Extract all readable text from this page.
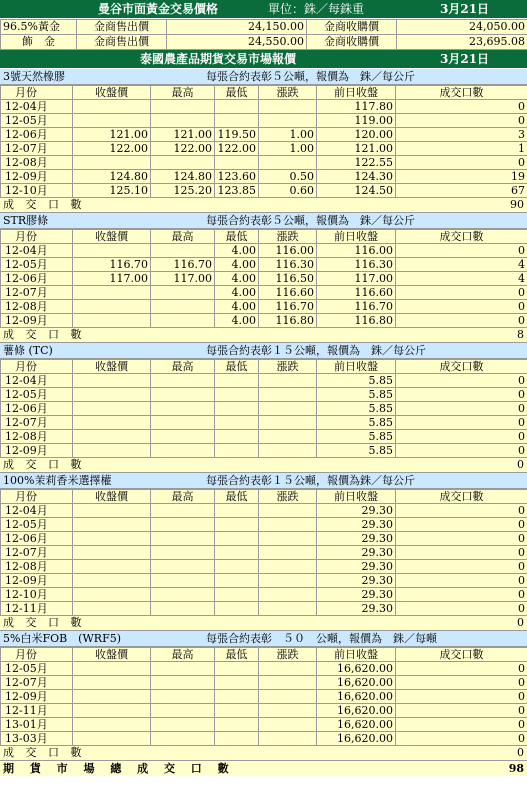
曼谷市面黃金交易價格	單位：銖／每銖重	3月21日
96.5%黃金	金商售出價	24,150.00	金商收購價	24,050.00
飾　金	金商售出價	24,550.00	金商收購價	23,695.08
泰國農產品期貨交易市場報價	3月21日
3號天然橡膠	每張合約表彰５公噸，報價為　銖／每公斤
月份	收盤價	最高	最低	漲跌	前日收盤	成交口數
12-04月					117.80	0
12-05月					119.00	0
12-06月	121.00	121.00	119.50	1.00	120.00	3
12-07月	122.00	122.00	122.00	1.00	121.00	1
12-08月					122.55	0
12-09月	124.80	124.80	123.60	0.50	124.30	19
12-10月	125.10	125.20	123.85	0.60	124.50	67
成 交 口 數	90
STR膠條	每張合約表彰５公噸，報價為　銖／每公斤
月份	收盤價	最高	最低	漲跌	前日收盤	成交口數
12-04月			4.00	116.00	116.00	0
12-05月	116.70	116.70	4.00	116.30	116.30	4
12-06月	117.00	117.00	4.00	116.50	117.00	4
12-07月			4.00	116.60	116.60	0
12-08月			4.00	116.70	116.70	0
12-09月			4.00	116.80	116.80	0
成 交 口 數	8
薯條 (TC)	每張合約表彰１５公噸，報價為　銖／每公斤
月份	收盤價	最高	最低	漲跌	前日收盤	成交口數
12-04月					5.85	0
12-05月					5.85	0
12-06月					5.85	0
12-07月					5.85	0
12-08月					5.85	0
12-09月					5.85	0
成 交 口 數	0
100%茉莉香米選擇權	每張合約表彰１５公噸，報價為銖／每公斤
月份	收盤價	最高	最低	漲跌	前日收盤	成交口數
12-04月					29.30	0
12-05月					29.30	0
12-06月					29.30	0
12-07月					29.30	0
12-08月					29.30	0
12-09月					29.30	0
12-10月					29.30	0
12-11月					29.30	0
成 交 口 數	0
5%白米FOB　(WRF5)	每張合約表彰　５０　公噸，報價為　銖／每噸
月份	收盤價	最高	最低	漲跌	前日收盤	成交口數
12-05月					16,620.00	0
12-07月					16,620.00	0
12-09月					16,620.00	0
12-11月					16,620.00	0
13-01月					16,620.00	0
13-03月					16,620.00	0
成 交 口 數	0
期 貨 市 場 總 成 交 口 數	98
